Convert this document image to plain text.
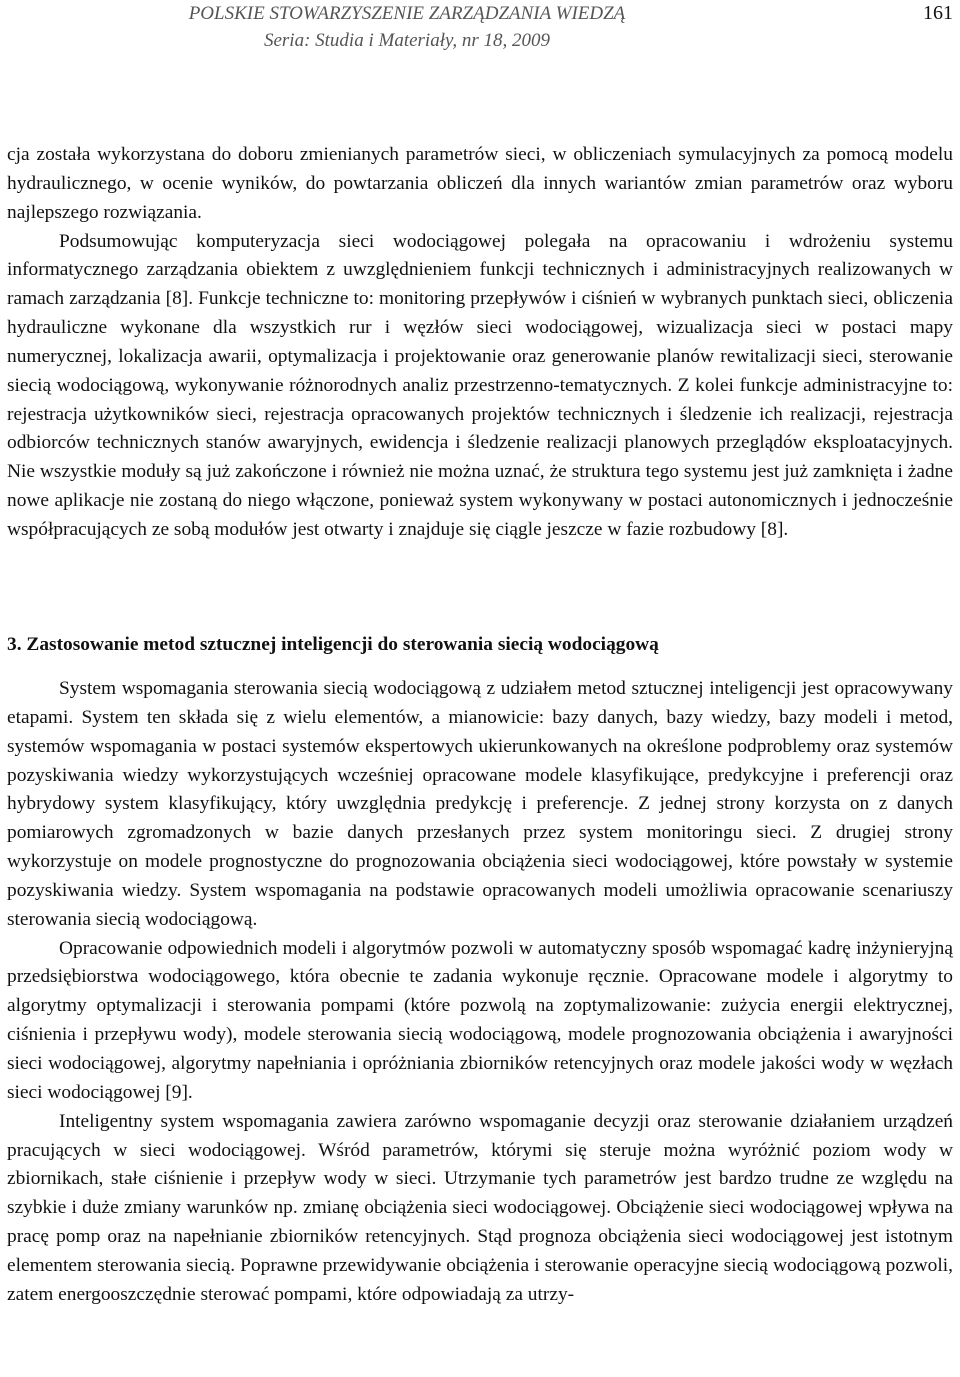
POLSKIE STOWARZYSZENIE ZARZĄDZANIA WIEDZĄ
Seria: Studia i Materiały, nr 18, 2009
161

cja została wykorzystana do doboru zmienianych parametrów sieci, w obliczeniach symulacyjnych za pomocą modelu hydraulicznego, w ocenie wyników, do powtarzania obliczeń dla innych wariantów zmian parametrów oraz wyboru najlepszego rozwiązania.

Podsumowując komputeryzacja sieci wodociągowej polegała na opracowaniu i wdrożeniu systemu informatycznego zarządzania obiektem z uwzględnieniem funkcji technicznych i administracyjnych realizowanych w ramach zarządzania [8]. Funkcje techniczne to: monitoring przepływów i ciśnień w wybranych punktach sieci, obliczenia hydrauliczne wykonane dla wszystkich rur i węzłów sieci wodociągowej, wizualizacja sieci w postaci mapy numerycznej, lokalizacja awarii, optymalizacja i projektowanie oraz generowanie planów rewitalizacji sieci, sterowanie siecią wodociągową, wykonywanie różnorodnych analiz przestrzenno-tematycznych. Z kolei funkcje administracyjne to: rejestracja użytkowników sieci, rejestracja opracowanych projektów technicznych i śledzenie ich realizacji, rejestracja odbiorców technicznych stanów awaryjnych, ewidencja i śledzenie realizacji planowych przeglądów eksploatacyjnych. Nie wszystkie moduły są już zakończone i również nie można uznać, że struktura tego systemu jest już zamknięta i żadne nowe aplikacje nie zostaną do niego włączone, ponieważ system wykonywany w postaci autonomicznych i jednocześnie współpracujących ze sobą modułów jest otwarty i znajduje się ciągle jeszcze w fazie rozbudowy [8].

3. Zastosowanie metod sztucznej inteligencji do sterowania siecią wodociągową

System wspomagania sterowania siecią wodociągową z udziałem metod sztucznej inteligencji jest opracowywany etapami. System ten składa się z wielu elementów, a mianowicie: bazy danych, bazy wiedzy, bazy modeli i metod, systemów wspomagania w postaci systemów ekspertowych ukierunkowanych na określone podproblemy oraz systemów pozyskiwania wiedzy wykorzystujących wcześniej opracowane modele klasyfikujące, predykcyjne i preferencji oraz hybrydowy system klasyfikujący, który uwzględnia predykcję i preferencje. Z jednej strony korzysta on z danych pomiarowych zgromadzonych w bazie danych przesłanych przez system monitoringu sieci. Z drugiej strony wykorzystuje on modele prognostyczne do prognozowania obciążenia sieci wodociągowej, które powstały w systemie pozyskiwania wiedzy. System wspomagania na podstawie opracowanych modeli umożliwia opracowanie scenariuszy sterowania siecią wodociągową.

Opracowanie odpowiednich modeli i algorytmów pozwoli w automatyczny sposób wspomagać kadrę inżynieryjną przedsiębiorstwa wodociągowego, która obecnie te zadania wykonuje ręcznie. Opracowane modele i algorytmy to algorytmy optymalizacji i sterowania pompami (które pozwolą na zoptymalizowanie: zużycia energii elektrycznej, ciśnienia i przepływu wody), modele sterowania siecią wodociągową, modele prognozowania obciążenia i awaryjności sieci wodociągowej, algorytmy napełniania i opróżniania zbiorników retencyjnych oraz modele jakości wody w węzłach sieci wodociągowej [9].

Inteligentny system wspomagania zawiera zarówno wspomaganie decyzji oraz sterowanie działaniem urządzeń pracujących w sieci wodociągowej. Wśród parametrów, którymi się steruje można wyróżnić poziom wody w zbiornikach, stałe ciśnienie i przepływ wody w sieci. Utrzymanie tych parametrów jest bardzo trudne ze względu na szybkie i duże zmiany warunków np. zmianę obciążenia sieci wodociągowej. Obciążenie sieci wodociągowej wpływa na pracę pomp oraz na napełnianie zbiorników retencyjnych. Stąd prognoza obciążenia sieci wodociągowej jest istotnym elementem sterowania siecią. Poprawne przewidywanie obciążenia i sterowanie operacyjne siecią wodociągową pozwoli, zatem energooszczędnie sterować pompami, które odpowiadają za utrzy-
